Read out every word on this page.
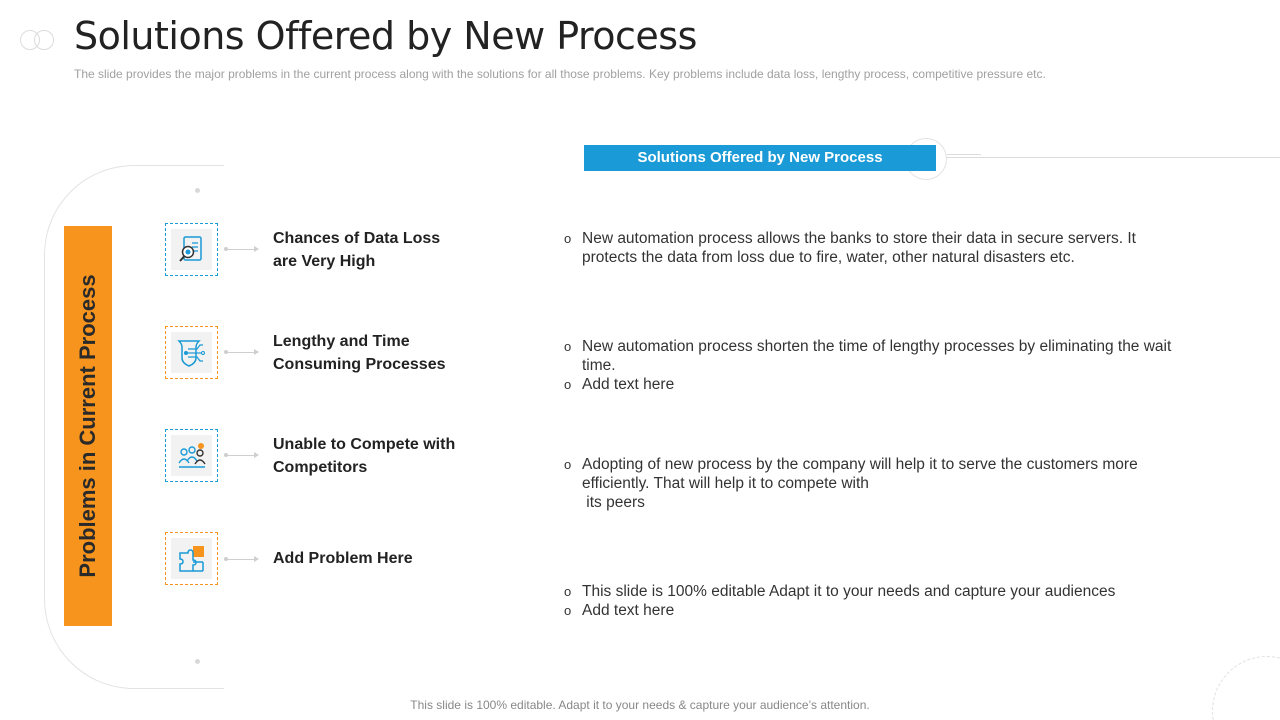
Solutions Offered by New Process
The slide provides the major problems in the current process along with the solutions for all those problems. Key problems include data loss, lengthy process, competitive pressure etc.
Solutions Offered by New Process
Problems in Current Process
Chances of Data Loss
are Very High
Lengthy and Time
Consuming Processes
Unable to Compete with
Competitors
Add Problem Here
o New automation process allows the banks to store their data in secure servers. It
protects the data from loss due to fire, water, other natural disasters etc.
o New automation process shorten the time of lengthy processes by eliminating the wait
time.
o Add text here
o Adopting of new process by the company will help it to serve the customers more
efficiently. That will help it to compete with
its peers
o This slide is 100% editable Adapt it to your needs and capture your audiences
o Add text here
This slide is 100% editable. Adapt it to your needs & capture your audience’s attention.
